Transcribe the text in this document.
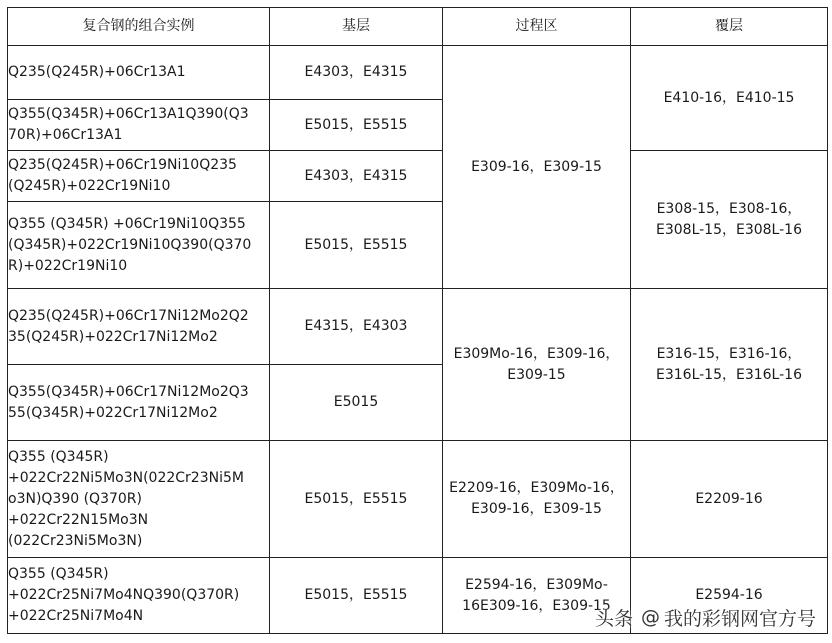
复合钢的组合实例	基层	过程区	覆层

Q235(Q245R)+06Cr13A1	E4303，E4315	E309-16，E309-15	E410-16，E410-15

Q355(Q345R)+06Cr13A1Q390(Q3
70R)+06Cr13A1	E5015，E5515		

Q235(Q245R)+06Cr19Ni10Q235
(Q245R)+022Cr19Ni10	E4303，E4315		E308-15，E308-16，
E308L-15，E308L-16

Q355 (Q345R) +06Cr19Ni10Q355
(Q345R)+022Cr19Ni10Q390(Q370
R)+022Cr19Ni10	E5015，E5515		

Q235(Q245R)+06Cr17Ni12Mo2Q2
35(Q245R)+022Cr17Ni12Mo2	E4315，E4303	E309Mo-16，E309-16，
E309-15	E316-15，E316-16，
E316L-15，E316L-16

Q355(Q345R)+06Cr17Ni12Mo2Q3
55(Q345R)+022Cr17Ni12Mo2	E5015		

Q355 (Q345R)
+022Cr22Ni5Mo3N(022Cr23Ni5M
o3N)Q390 (Q370R)
+022Cr22N15Mo3N
(022Cr23Ni5Mo3N)	E5015，E5515	E2209-16，E309Mo-16，
E309-16，E309-15	E2209-16

Q355 (Q345R)
+022Cr25Ni7Mo4NQ390(Q370R)
+022Cr25Ni7Mo4N	E5015，E5515	E2594-16，E309Mo-
16E309-16，E309-15	E2594-16
头条 @ 我的彩钢网官方号
